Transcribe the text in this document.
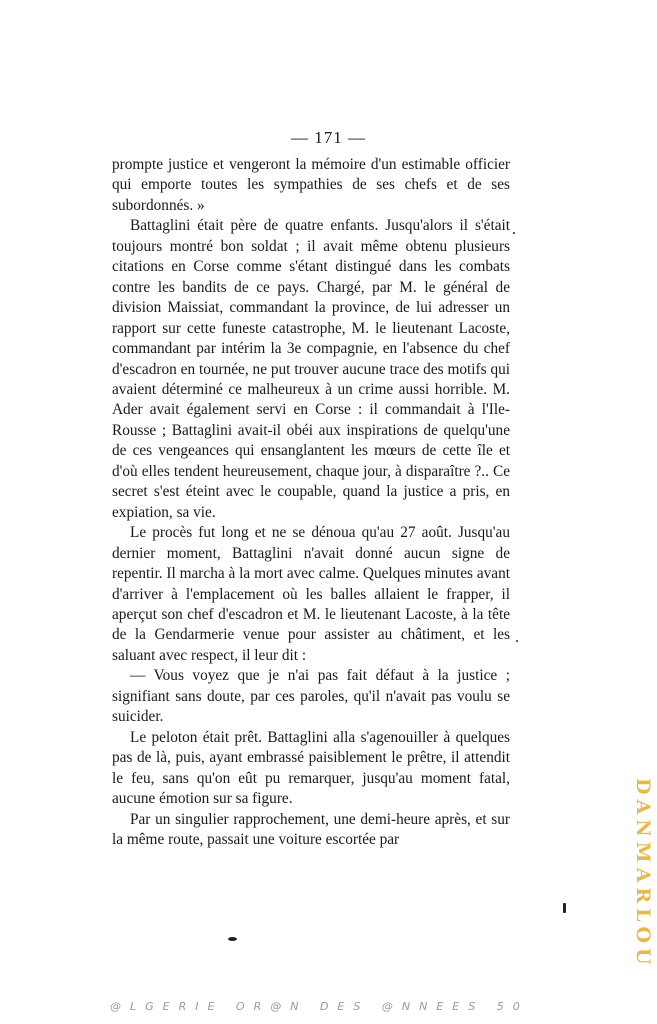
— 171 —

prompte justice et vengeront la mémoire d'un estimable officier qui emporte toutes les sympathies de ses chefs et de ses subordonnés. »

Battaglini était père de quatre enfants. Jusqu'alors il s'était toujours montré bon soldat ; il avait même obtenu plusieurs citations en Corse comme s'étant distingué dans les combats contre les bandits de ce pays. Chargé, par M. le général de division Maissiat, commandant la province, de lui adresser un rapport sur cette funeste catastrophe, M. le lieutenant Lacoste, commandant par intérim la 3e compagnie, en l'absence du chef d'escadron en tournée, ne put trouver aucune trace des motifs qui avaient déterminé ce malheureux à un crime aussi horrible. M. Ader avait également servi en Corse : il commandait à l'Ile-Rousse ; Battaglini avait-il obéi aux inspirations de quelqu'une de ces vengeances qui ensanglantent les mœurs de cette île et d'où elles tendent heureusement, chaque jour, à disparaître ?.. Ce secret s'est éteint avec le coupable, quand la justice a pris, en expiation, sa vie.

Le procès fut long et ne se dénoua qu'au 27 août. Jusqu'au dernier moment, Battaglini n'avait donné aucun signe de repentir. Il marcha à la mort avec calme. Quelques minutes avant d'arriver à l'emplacement où les balles allaient le frapper, il aperçut son chef d'escadron et M. le lieutenant Lacoste, à la tête de la Gendarmerie venue pour assister au châtiment, et les saluant avec respect, il leur dit :

— Vous voyez que je n'ai pas fait défaut à la justice ; signifiant sans doute, par ces paroles, qu'il n'avait pas voulu se suicider.

Le peloton était prêt. Battaglini alla s'agenouiller à quelques pas de là, puis, ayant embrassé paisiblement le prêtre, il attendit le feu, sans qu'on eût pu remarquer, jusqu'au moment fatal, aucune émotion sur sa figure.

Par un singulier rapprochement, une demi-heure après, et sur la même route, passait une voiture escortée par	DANMARLOU
@LGERIE OR@N DES @NNEES 50
